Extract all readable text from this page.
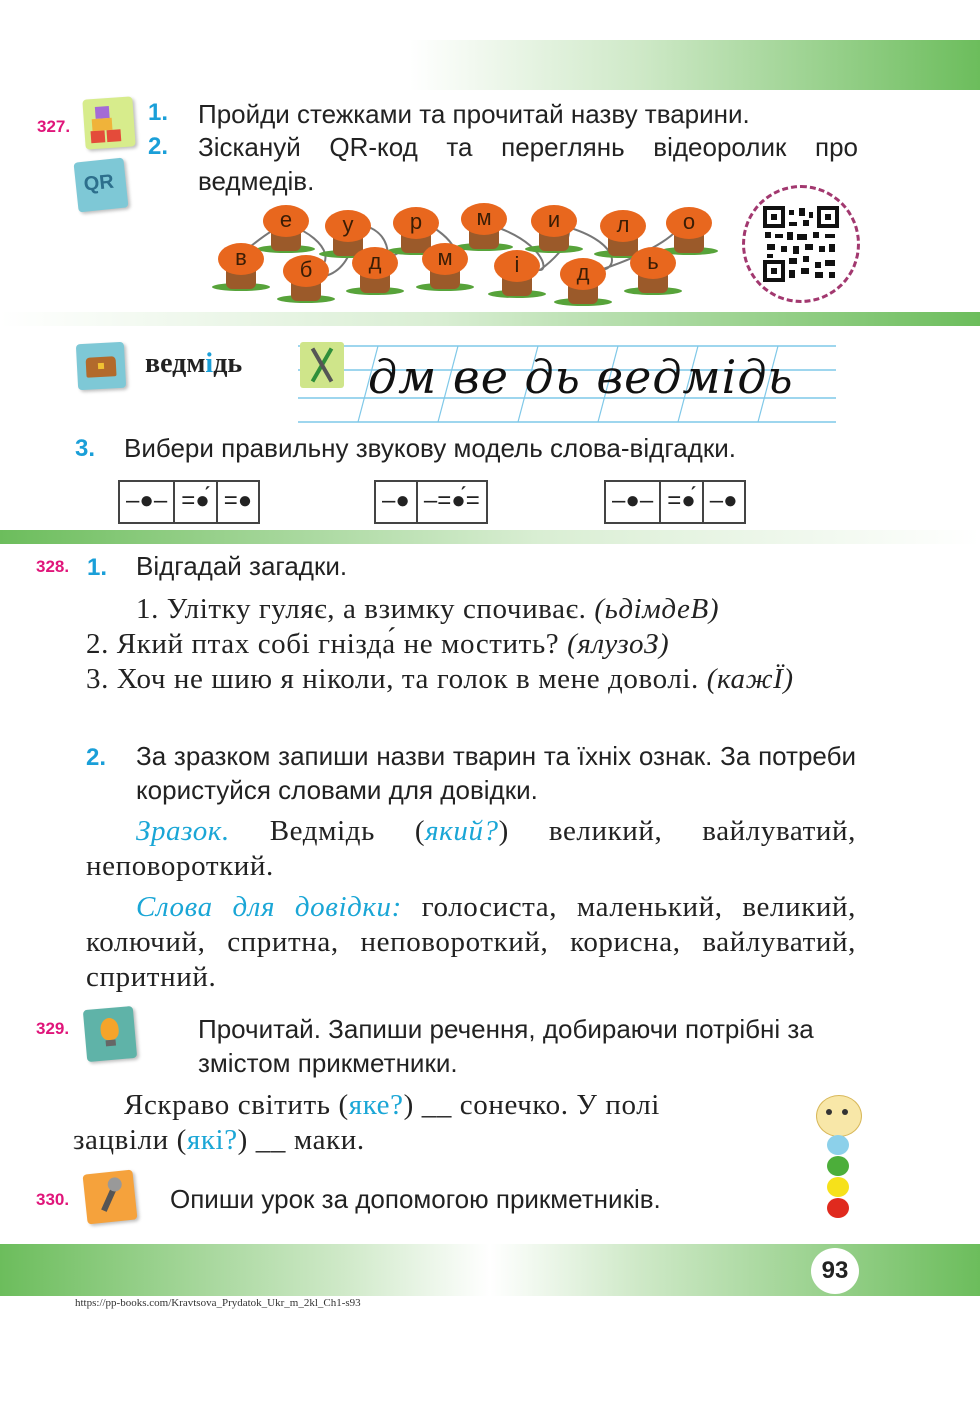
327.
QR
1. Пройди стежками та прочитай назву тварини.
2. Зіскануй QR-код та переглянь відеоролик про ведмедів.
е	у	р	м	и	л	о
в	б	д	м	і	д	ь
ведмідь	дм ве дь ведмідь
3. Вибери правильну звукову модель слова-відгадки.
–●– =●́ =●	–● –=●́=	–●– =●́ –●
328. 1. Відгадай загадки.
1. Улітку гуляє, а взимку спочиває. (ьдімдеВ)
2. Який птах собі гнізда́ не мостить? (ялузоЗ)
3. Хоч не шию я ніколи, та голок в мене доволі. (кажЇ)
2. За зразком запиши назви тварин та їхніх ознак. За потреби користуйся словами для довідки.
Зразок. Ведмідь (який?) великий, вайлуватий, неповороткий.
Слова для довідки: голосиста, маленький, великий, колючий, спритна, неповороткий, корисна, вайлуватий, спритний.
329.	Прочитай. Запиши речення, добираючи потрібні за змістом прикметники.
Яскраво світить (яке?) __ сонечко. У полі
зацвіли (які?) __ маки.
330.	Опиши урок за допомогою прикметників.
93
https://pp-books.com/Kravtsova_Prydatok_Ukr_m_2kl_Ch1-s93
